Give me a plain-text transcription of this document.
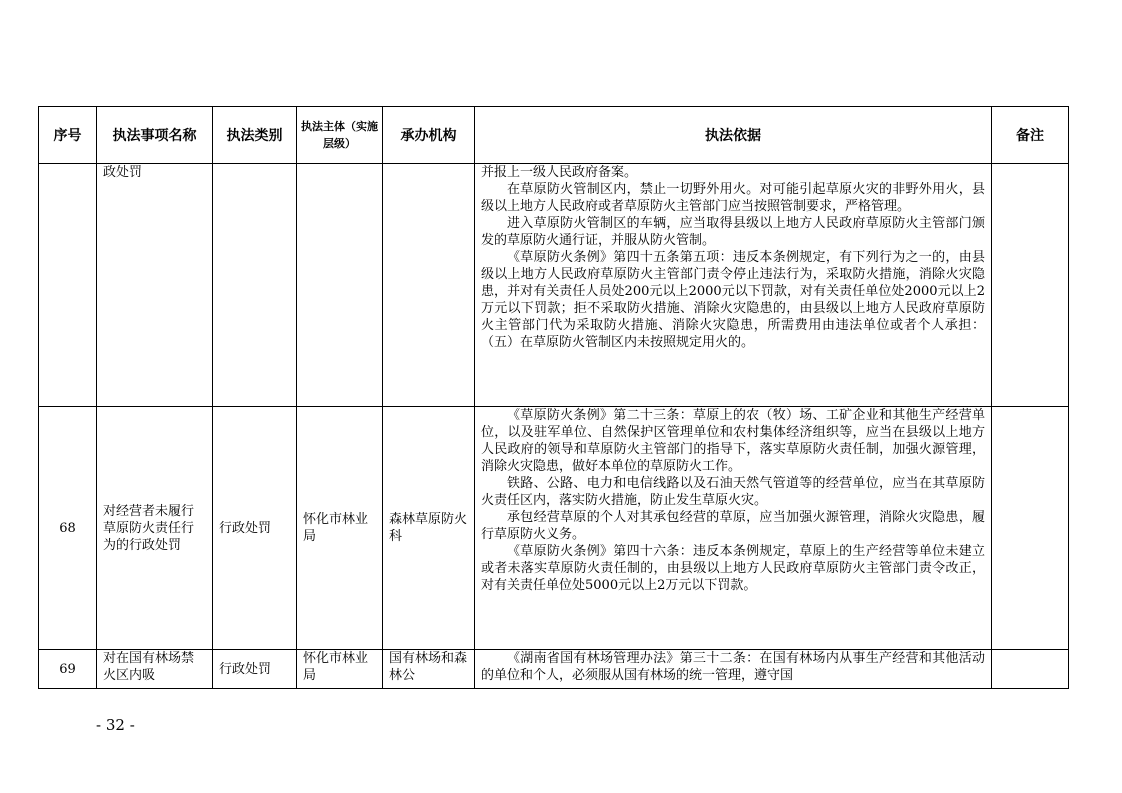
序号	执法事项名称	执法类别	执法主体（实施层级）	承办机构	执法依据	备注

	政处罚				并报上一级人民政府备案。

在草原防火管制区内，禁止一切野外用火。对可能引起草原火灾的非野外用火，县级以上地方人民政府或者草原防火主管部门应当按照管制要求，严格管理。

进入草原防火管制区的车辆，应当取得县级以上地方人民政府草原防火主管部门颁发的草原防火通行证，并服从防火管制。

《草原防火条例》第四十五条第五项：违反本条例规定，有下列行为之一的，由县级以上地方人民政府草原防火主管部门责令停止违法行为，采取防火措施，消除火灾隐患，并对有关责任人员处200元以上2000元以下罚款，对有关责任单位处2000元以上2万元以下罚款；拒不采取防火措施、消除火灾隐患的，由县级以上地方人民政府草原防火主管部门代为采取防火措施、消除火灾隐患，所需费用由违法单位或者个人承担：（五）在草原防火管制区内未按照规定用火的。	

68	对经营者未履行草原防火责任行为的行政处罚	行政处罚	怀化市林业局	森林草原防火科	《草原防火条例》第二十三条：草原上的农（牧）场、工矿企业和其他生产经营单位，以及驻军单位、自然保护区管理单位和农村集体经济组织等，应当在县级以上地方人民政府的领导和草原防火主管部门的指导下，落实草原防火责任制，加强火源管理，消除火灾隐患，做好本单位的草原防火工作。

铁路、公路、电力和电信线路以及石油天然气管道等的经营单位，应当在其草原防火责任区内，落实防火措施，防止发生草原火灾。

承包经营草原的个人对其承包经营的草原，应当加强火源管理，消除火灾隐患，履行草原防火义务。

《草原防火条例》第四十六条：违反本条例规定，草原上的生产经营等单位未建立或者未落实草原防火责任制的，由县级以上地方人民政府草原防火主管部门责令改正，对有关责任单位处5000元以上2万元以下罚款。	

69	对在国有林场禁火区内吸	行政处罚	怀化市林业局	国有林场和森林公	《湖南省国有林场管理办法》第三十二条：在国有林场内从事生产经营和其他活动的单位和个人，必须服从国有林场的统一管理，遵守国	

- 32 -
